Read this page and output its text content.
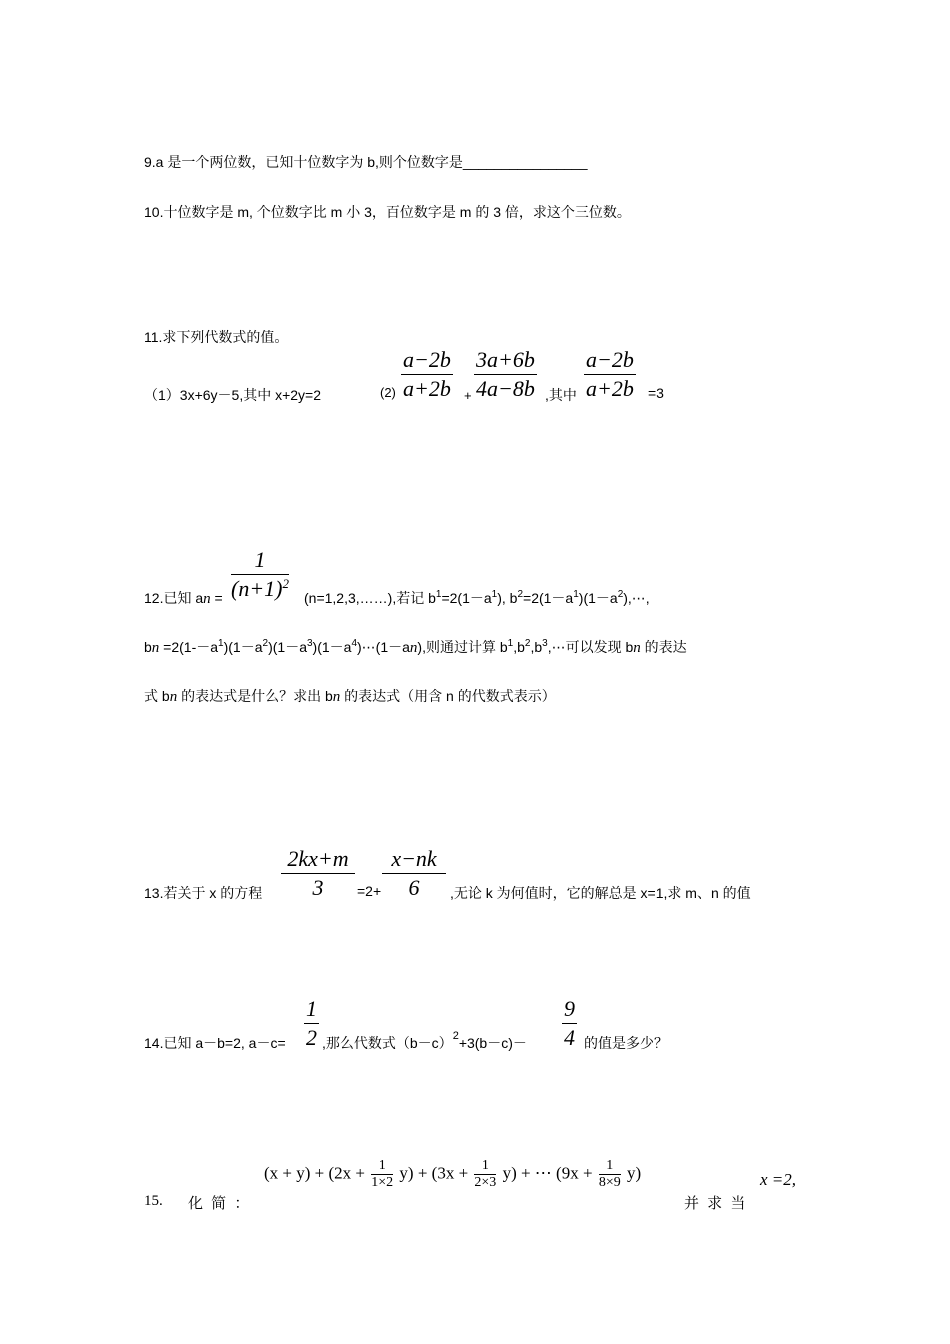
9.a 是一个两位数，已知十位数字为 b,则个位数字是________________
10.十位数字是 m, 个位数字比 m 小 3，百位数字是 m 的 3 倍，求这个三位数。
11.求下列代数式的值。
（1）3x+6y－5,其中 x+2y=2	$(2) \frac{a-2b}{a+2b} + \frac{3a+6b}{4a-8b}$ ,其中 $\frac{a-2b}{a+2b} =3$
12.已知 an = $\frac{1}{(n+1)^2}$ (n=1,2,3,……),若记 $b^1=2(1-a^1)$, $b^2=2(1-a^1)(1-a^2),\cdots$,
bn $=2(1--a^1)(1-a^2)(1-a^3)(1-a^4)\cdots(1-an)$,则通过计算 $b^1,b^2,b^3,\cdots$可以发现 bn 的表达
式 bn 的表达式是什么？求出 bn 的表达式（用含 n 的代数式表示）
13.若关于 x 的方程 $\frac{2kx+m}{3} =2+ \frac{x-nk}{6}$ ,无论 k 为何值时，它的解总是 x=1,求 m、n 的值
14.已知 a－b=2, $a-c= \frac{1}{2}$ ,那么代数式$(b-c)^2+3(b-c)- \frac{9}{4}$ 的值是多少？
15. 化 简 ：
$(x + y) + (2x + \frac{1}{1\times 2} y) + (3x + \frac{1}{2\times 3} y)$ + ⋯ $(9x + \frac{1}{8\times 9} y)$
并 求 当
x =2,
